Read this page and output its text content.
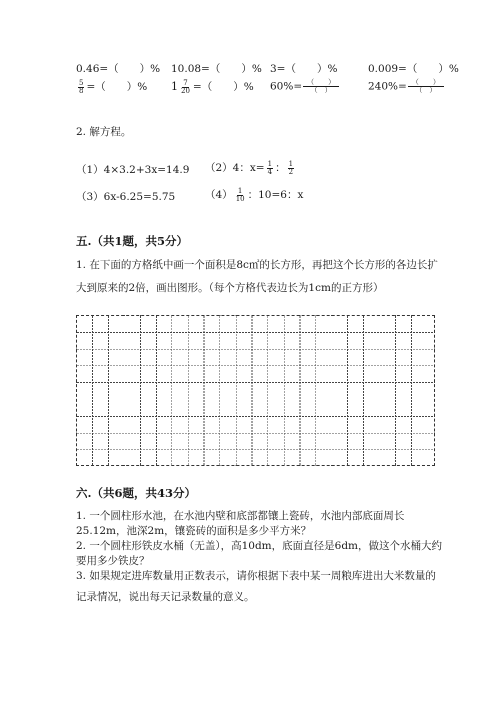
0.46=（　　）% 10.08=（　　）% 3=（　　）%	0.009=（　　）%
$\frac{5}{8}$ =（　　）% $1 \frac{7}{20}$ =（　　）% $60\%= \frac{( )}{( )}$	$240\%= \frac{( )}{( )}$
2. 解方程。
（1）4×3.2+3x=14.9 （2）4：$x= \frac{1}{4}$ ： $\frac{1}{2}$
（3）6x-6.25=5.75	$(4) \frac{1}{10}$ ：10=6：x
五.（共1题，共5分）
1. 在下面的方格纸中画一个面积是8c㎡的长方形，再把这个长方形的各边长扩
大到原来的2倍，画出图形。（每个方格代表边长为1cm的正方形）
六.（共6题，共43分）
1. 一个圆柱形水池，在水池内壁和底部都镶上瓷砖，水池内部底面周长
25.12m，池深2m，镶瓷砖的面积是多少平方米？
2. 一个圆柱形铁皮水桶（无盖），高10dm，底面直径是6dm，做这个水桶大约
要用多少铁皮？
3. 如果规定进库数量用正数表示，请你根据下表中某一周粮库进出大米数量的
记录情况，说出每天记录数量的意义。
